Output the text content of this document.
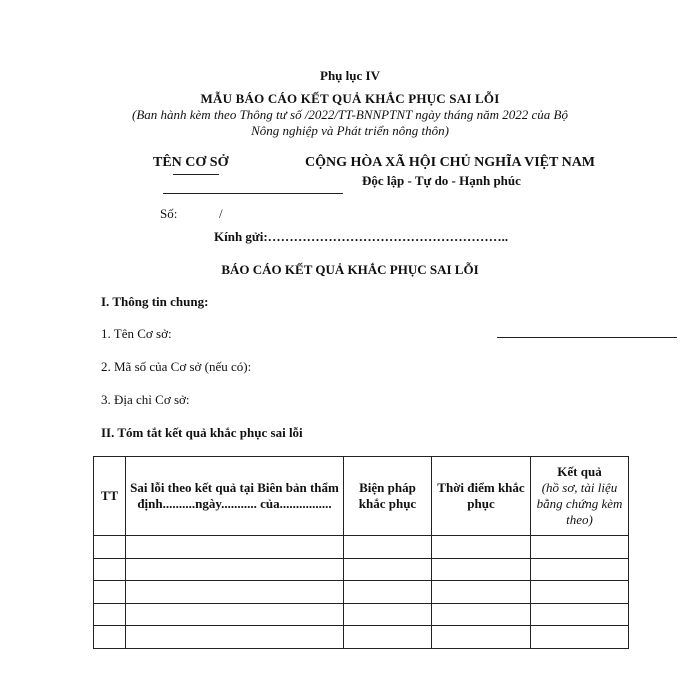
Phụ lục IV
MẪU BÁO CÁO KẾT QUẢ KHẮC PHỤC SAI LỖI
(Ban hành kèm theo Thông tư số /2022/TT-BNNPTNT ngày tháng năm 2022 của Bộ
Nông nghiệp và Phát triển nông thôn)
TÊN CƠ SỞ	CỘNG HÒA XÃ HỘI CHỦ NGHĨA VIỆT NAM
Độc lập - Tự do - Hạnh phúc
Số:	/
Kính gửi:………………………………………………..
BÁO CÁO KẾT QUẢ KHẮC PHỤC SAI LỖI
I. Thông tin chung:
1. Tên Cơ sở:
2. Mã số của Cơ sở (nếu có):
3. Địa chỉ Cơ sở:
II. Tóm tắt kết quả khắc phục sai lỗi
TT	Sai lỗi theo kết quả tại Biên bản thẩm định..........ngày........... của................	Biện pháp khắc phục	Thời điểm khắc phục	Kết quả
(hồ sơ, tài liệu bằng chứng kèm theo)
